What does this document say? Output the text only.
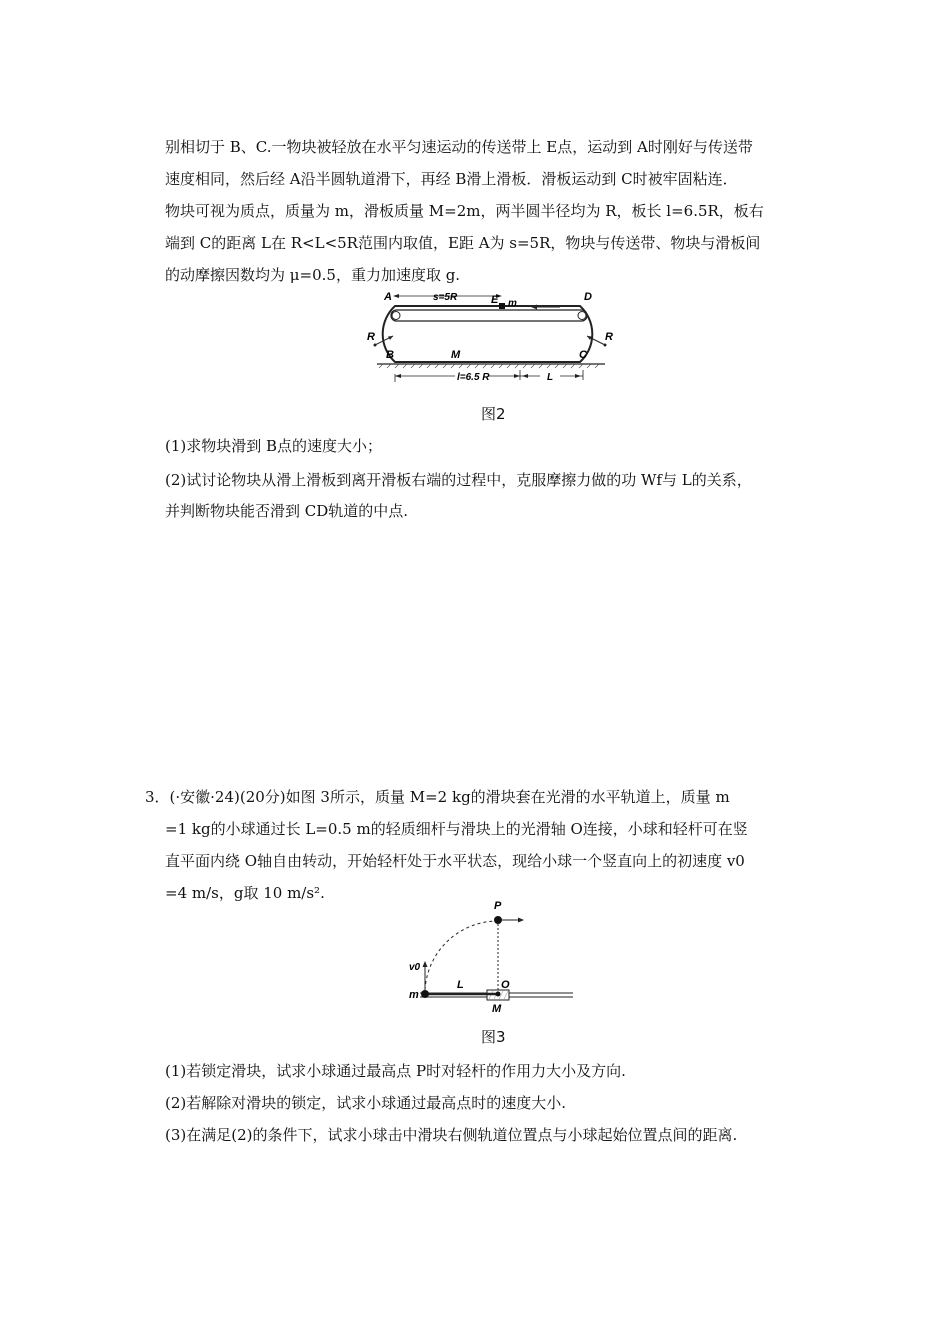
别相切于 B、C.一物块被轻放在水平匀速运动的传送带上 E点，运动到 A时刚好与传送带
速度相同，然后经 A沿半圆轨道滑下，再经 B滑上滑板．滑板运动到 C时被牢固粘连．
物块可视为质点，质量为 m，滑板质量 M=2m，两半圆半径均为 R，板长 l=6.5R，板右
端到 C的距离 L在 R<L<5R范围内取值，E距 A为 s=5R，物块与传送带、物块与滑板间
的动摩擦因数均为 μ=0.5，重力加速度取 g.
A	D
s=5R	E m
R	R
B	M	C
l=6.5 R	L
图2
(1)求物块滑到 B点的速度大小；
(2)试讨论物块从滑上滑板到离开滑板右端的过程中，克服摩擦力做的功 Wf与 L的关系，
并判断物块能否滑到 CD轨道的中点.
3．(·安徽·24)(20分)如图 3所示，质量 M=2 kg的滑块套在光滑的水平轨道上，质量 m
=1 kg的小球通过长 L=0.5 m的轻质细杆与滑块上的光滑轴 O连接，小球和轻杆可在竖
直平面内绕 O轴自由转动，开始轻杆处于水平状态，现给小球一个竖直向上的初速度 v0
=4 m/s，g取 10 m/s².
P
v0
L	O
m
M
图3
(1)若锁定滑块，试求小球通过最高点 P时对轻杆的作用力大小及方向.
(2)若解除对滑块的锁定，试求小球通过最高点时的速度大小.
(3)在满足(2)的条件下，试求小球击中滑块右侧轨道位置点与小球起始位置点间的距离.
